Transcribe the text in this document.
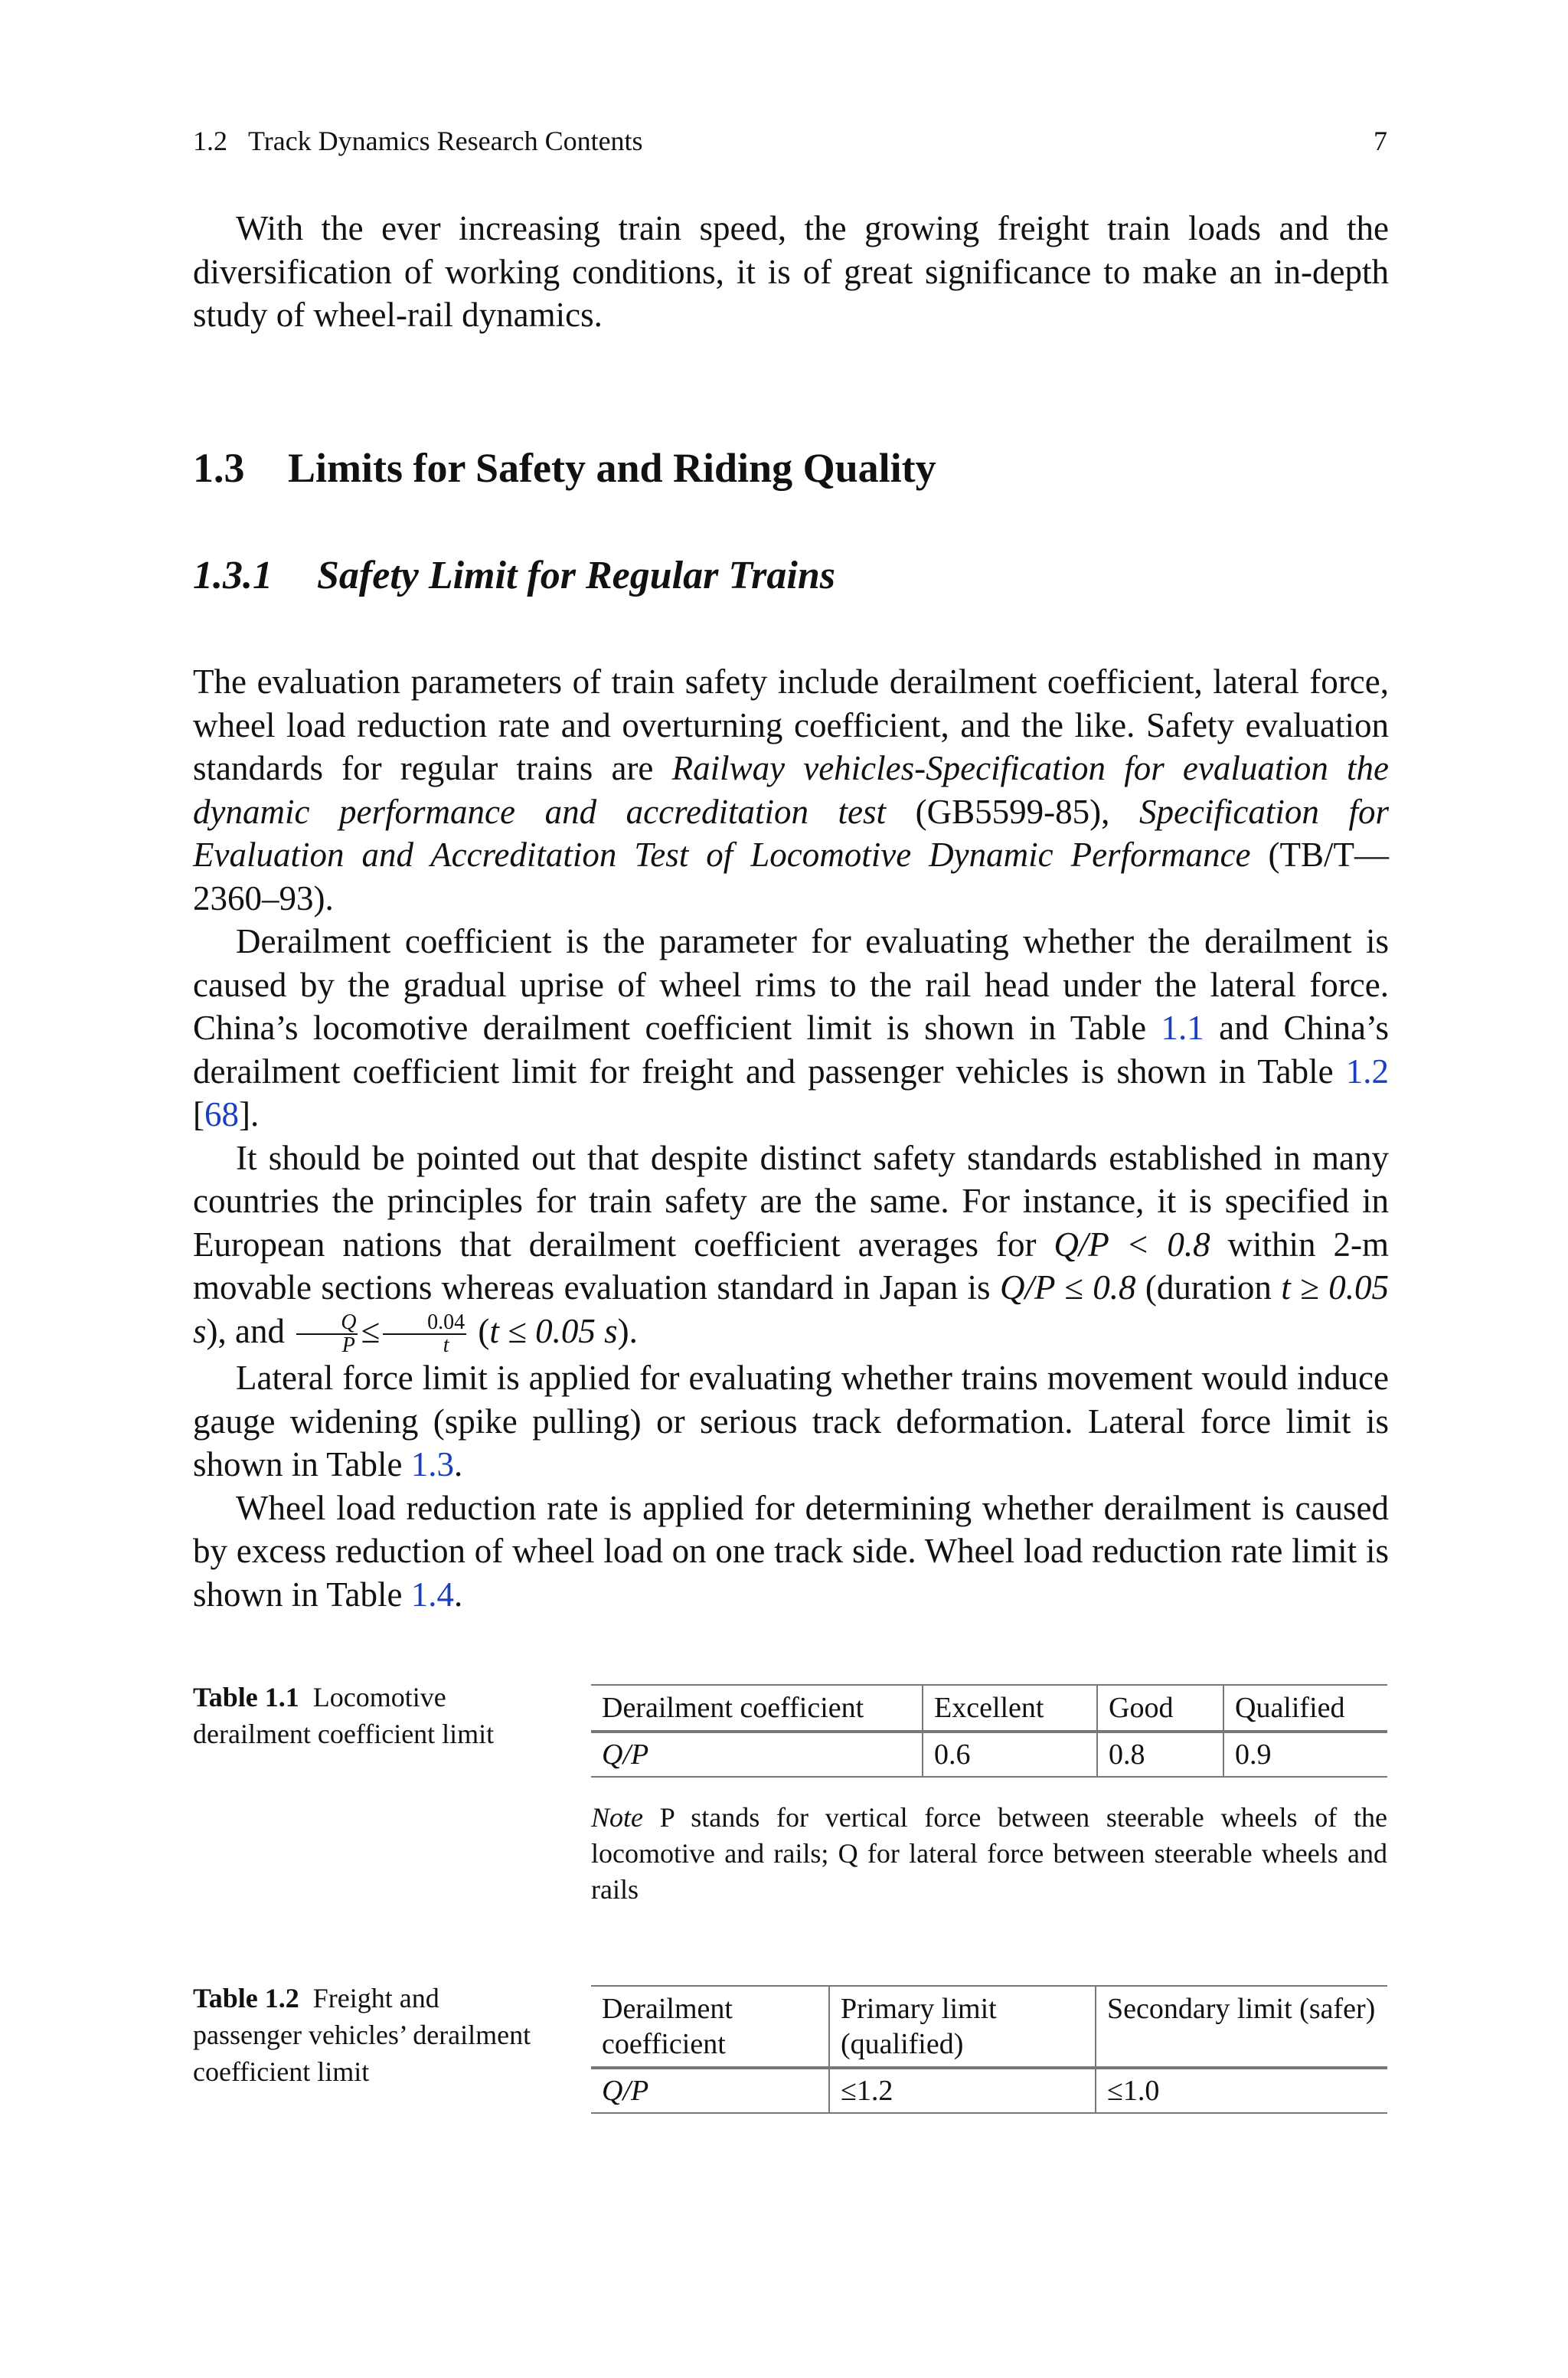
1.2 Track Dynamics Research Contents	7

With the ever increasing train speed, the growing freight train loads and the diversification of working conditions, it is of great significance to make an in-depth study of wheel-rail dynamics.

1.3 Limits for Safety and Riding Quality
1.3.1 Safety Limit for Regular Trains

The evaluation parameters of train safety include derailment coefficient, lateral force, wheel load reduction rate and overturning coefficient, and the like. Safety evaluation standards for regular trains are Railway vehicles-Specification for evaluation the dynamic performance and accreditation test (GB5599-85), Specification for Evaluation and Accreditation Test of Locomotive Dynamic Performance (TB/T—2360–93).

Derailment coefficient is the parameter for evaluating whether the derailment is caused by the gradual uprise of wheel rims to the rail head under the lateral force. China’s locomotive derailment coefficient limit is shown in Table 1.1 and China’s derailment coefficient limit for freight and passenger vehicles is shown in Table 1.2 [68].

It should be pointed out that despite distinct safety standards established in many countries the principles for train safety are the same. For instance, it is specified in European nations that derailment coefficient averages for Q/P < 0.8 within 2-m movable sections whereas evaluation standard in Japan is Q/P ≤ 0.8 (duration t ≥ 0.05 s), and $\frac{Q}{P} \le \frac{0.04}{t} (t \le 0.05$ s).

Lateral force limit is applied for evaluating whether trains movement would induce gauge widening (spike pulling) or serious track deformation. Lateral force limit is shown in Table 1.3.

Wheel load reduction rate is applied for determining whether derailment is caused by excess reduction of wheel load on one track side. Wheel load reduction rate limit is shown in Table 1.4.

Table 1.1 Locomotive derailment coefficient limit
Derailment coefficient	Excellent	Good	Qualified
Q/P	0.6	0.8	0.9
Note P stands for vertical force between steerable wheels of the locomotive and rails; Q for lateral force between steerable wheels and rails
Table 1.2 Freight and passenger vehicles’ derailment coefficient limit
Derailment coefficient	Primary limit (qualified)	Secondary limit (safer)
Q/P	≤1.2	≤1.0
